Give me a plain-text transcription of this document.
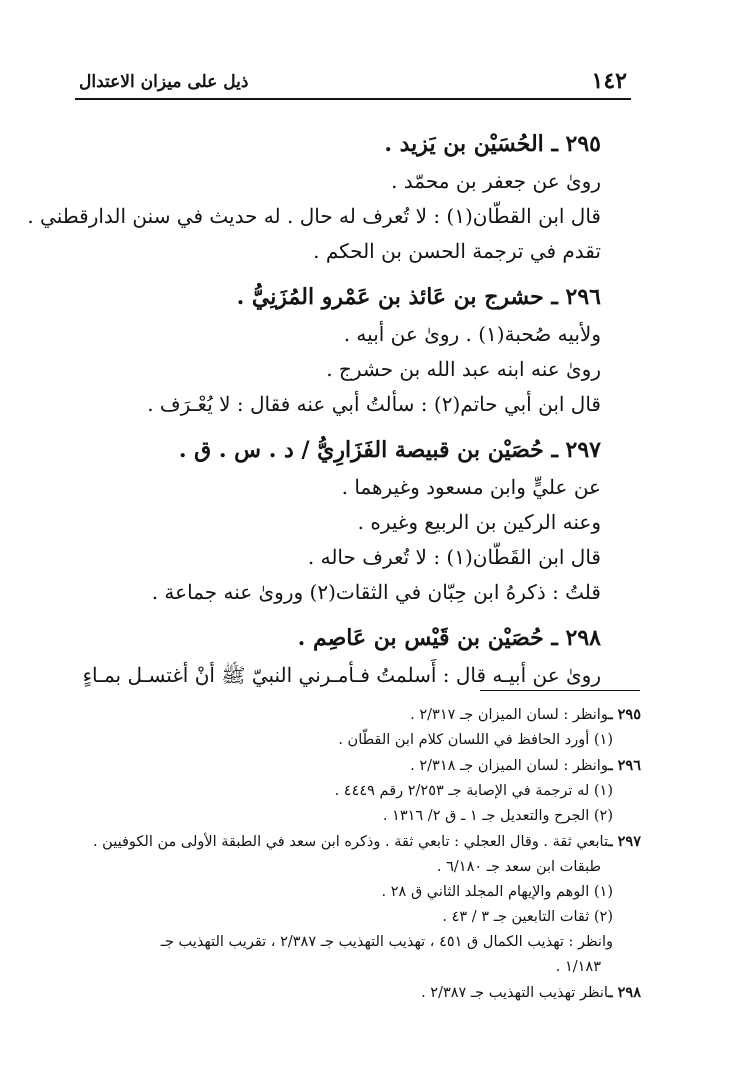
١٤٢
ذيل على ميزان الاعتدال
٢٩٥ ـ الحُسَيْن بن يَزيد .
روىٰ عن جعفر بن محمّد .
قال ابن القطّان(١) : لا تُعرف له حال . له حديث في سنن الدارقطني .
تقدم في ترجمة الحسن بن الحكم .
٢٩٦ ـ حشرج بن عَائذ بن عَمْرو المُزَنِيُّ .
ولأبيه صُحبة(١) . روىٰ عن أبيه .
روىٰ عنه ابنه عبد الله بن حشرج .
قال ابن أبي حاتم(٢) : سألتُ أبي عنه فقال : لا يُعْـرَف .
٢٩٧ ـ حُصَيْن بن قبيصة الفَزَارِيُّ / د . س . ق .
عن عليٍّ وابن مسعود وغيرهما .
وعنه الركين بن الربيع وغيره .
قال ابن القَطّان(١) : لا تُعرف حاله .
قلتُ : ذكرهُ ابن حِبّان في الثقات(٢) وروىٰ عنه جماعة .
٢٩٨ ـ حُصَيْن بن قَيْس بن عَاصِم .
روىٰ عن أبيـه قال : أَسلمتُ فـأمـرني النبيّ ﷺ أنْ أغتسـل بمـاءٍ
٢٩٥ ـوانظر : لسان الميزان جـ ٢/٣١٧ .
(١) أورد الحافظ في اللسان كلام ابن القطّان .
٢٩٦ ـوانظر : لسان الميزان جـ ٢/٣١٨ .
(١) له ترجمة في الإصابة جـ ٢/٢٥٣ رقم ٤٤٤٩ .
(٢) الجرح والتعديل جـ ١ ـ ق ٢/ ١٣١٦ .
٢٩٧ ـتابعي ثقة . وقال العجلي : تابعي ثقة . وذكره ابن سعد في الطبقة الأولى من الكوفيين .
طبقات ابن سعد جـ ٦/١٨٠ .
(١) الوهم والإيهام المجلد الثاني ق ٢٨ .
(٢) ثقات التابعين جـ ٣ / ٤٣ .
وانظر : تهذيب الكمال ق ٤٥١ ، تهذيب التهذيب جـ ٢/٣٨٧ ، تقريب التهذيب جـ
١/١٨٣ .
٢٩٨ ـانظر تهذيب التهذيب جـ ٢/٣٨٧ .
